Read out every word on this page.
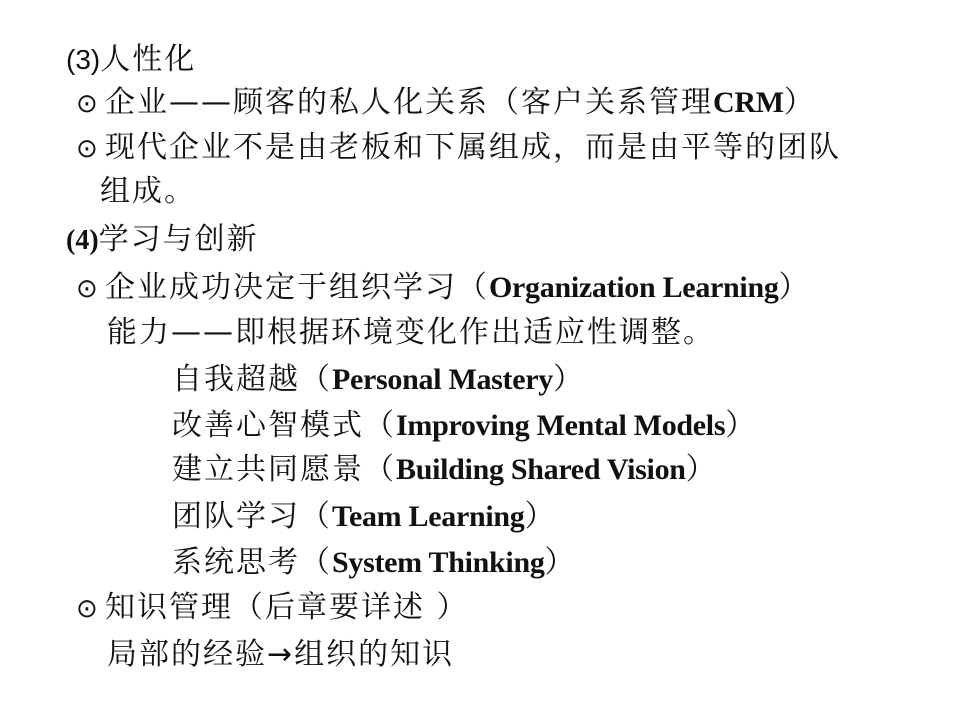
(3)人性化
⊙ 企业——顾客的私人化关系（客户关系管理CRM）
⊙ 现代企业不是由老板和下属组成，而是由平等的团队
组成。
(4)学习与创新
⊙ 企业成功决定于组织学习（Organization Learning）
能力——即根据环境变化作出适应性调整。
自我超越（Personal Mastery）
改善心智模式（Improving Mental Models）
建立共同愿景（Building Shared Vision）
团队学习（Team Learning）
系统思考（System Thinking）
⊙ 知识管理（后章要详述 ）
局部的经验→组织的知识
